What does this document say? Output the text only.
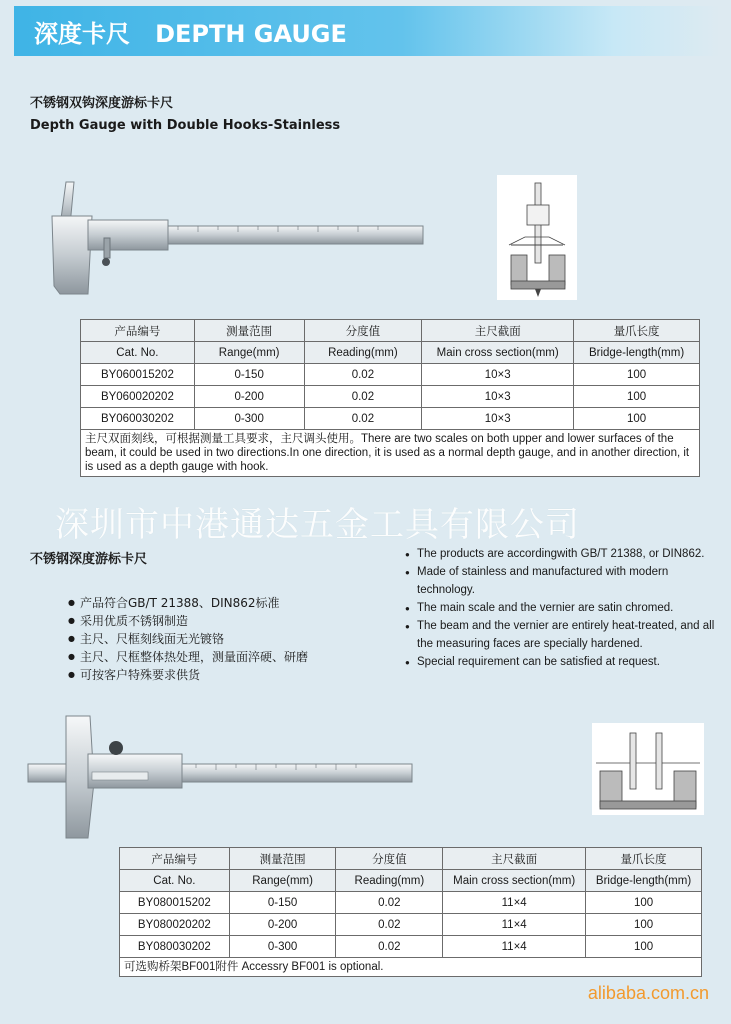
深度卡尺   DEPTH GAUGE
不锈钢双钩深度游标卡尺
Depth Gauge with Double Hooks-Stainless
产品编号	测量范围	分度值	主尺截面	量爪长度
Cat. No.	Range(mm)	Reading(mm)	Main cross section(mm)	Bridge-length(mm)
BY060015202	0-150	0.02	10×3	100
BY060020202	0-200	0.02	10×3	100
BY060030202	0-300	0.02	10×3	100
主尺双面刻线，可根据测量工具要求，主尺调头使用。There are two scales on both upper and lower surfaces of the beam, it could be used in two directions.In one direction, it is used as a normal depth gauge, and in another direction, it is used as a depth gauge with hook.				
深圳市中港通达五金工具有限公司
不锈钢深度游标卡尺
● 产品符合GB/T 21388、DIN862标准
● 采用优质不锈钢制造
● 主尺、尺框刻线面无光镀铬
● 主尺、尺框整体热处理，测量面淬硬、研磨
● 可按客户特殊要求供货
● The products are accordingwith GB/T 21388, or DIN862.
● Made of stainless and manufactured with modern technology.
● The main scale and the vernier are satin chromed.
● The beam and the vernier are entirely heat-treated, and all the measuring faces are specially hardened.
● Special requirement can be satisfied at request.
产品编号	测量范围	分度值	主尺截面	量爪长度
Cat. No.	Range(mm)	Reading(mm)	Main cross section(mm)	Bridge-length(mm)
BY080015202	0-150	0.02	11×4	100
BY080020202	0-200	0.02	11×4	100
BY080030202	0-300	0.02	11×4	100
可选购桥架BF001附件 Accessry BF001 is optional.				
alibaba.com.cn
